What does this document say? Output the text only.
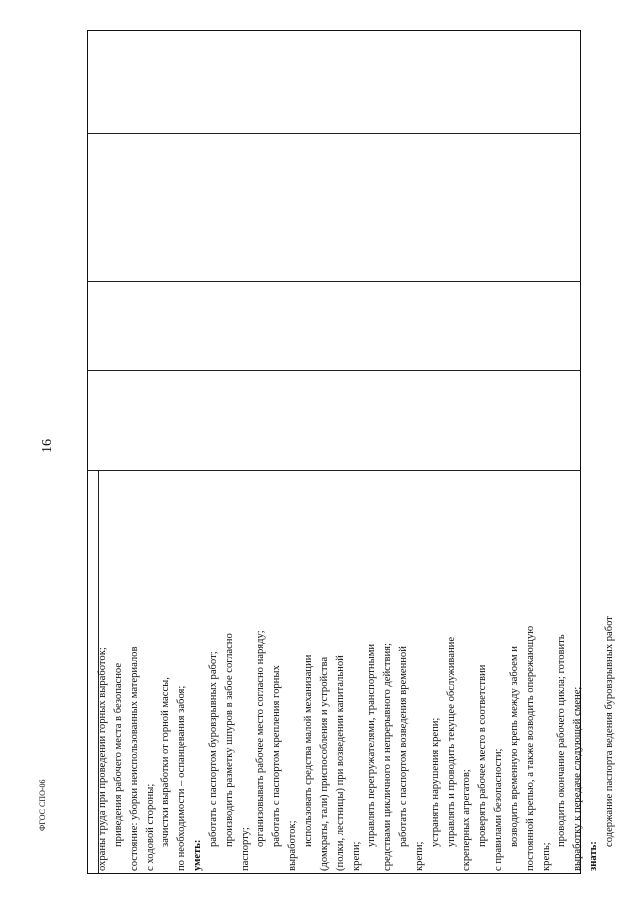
16
охраны труда при проведении горных выработок; приведения рабочего места в безопасное состояние: уборки неиспользованных материалов с ходовой стороны; зачистки выработки от горной массы, по необходимости – оспанцевания забоя; уметь:
работать с паспортом буровзрывных работ; производить разметку шпуров в забое согласно
паспорту;
организовывать рабочее место согласно наряду; работать с паспортом крепления горных выработок; использовать средства малой механизации (домкраты, тали) приспособления и устройства (полки, лестницы) при возведении капитальной крепи;
управлять перегружателями, транспортными средствами цикличного и непрерывного действия; работать с паспортом возведения временной
крепи;
устранять нарушения крепи; управлять и проводить текущее обслуживание скреперных агрегатов; проверять рабочее место в соответствии с правилами безопасности; возводить временную крепь между забоем и постоянной крепью, а также возводить опережающую крепь;
проводить окончание рабочего цикла; готовить выработку к передаче следующей смене; знать:
содержание паспорта ведения буровзрывных работ
ФГОС СПО-06
